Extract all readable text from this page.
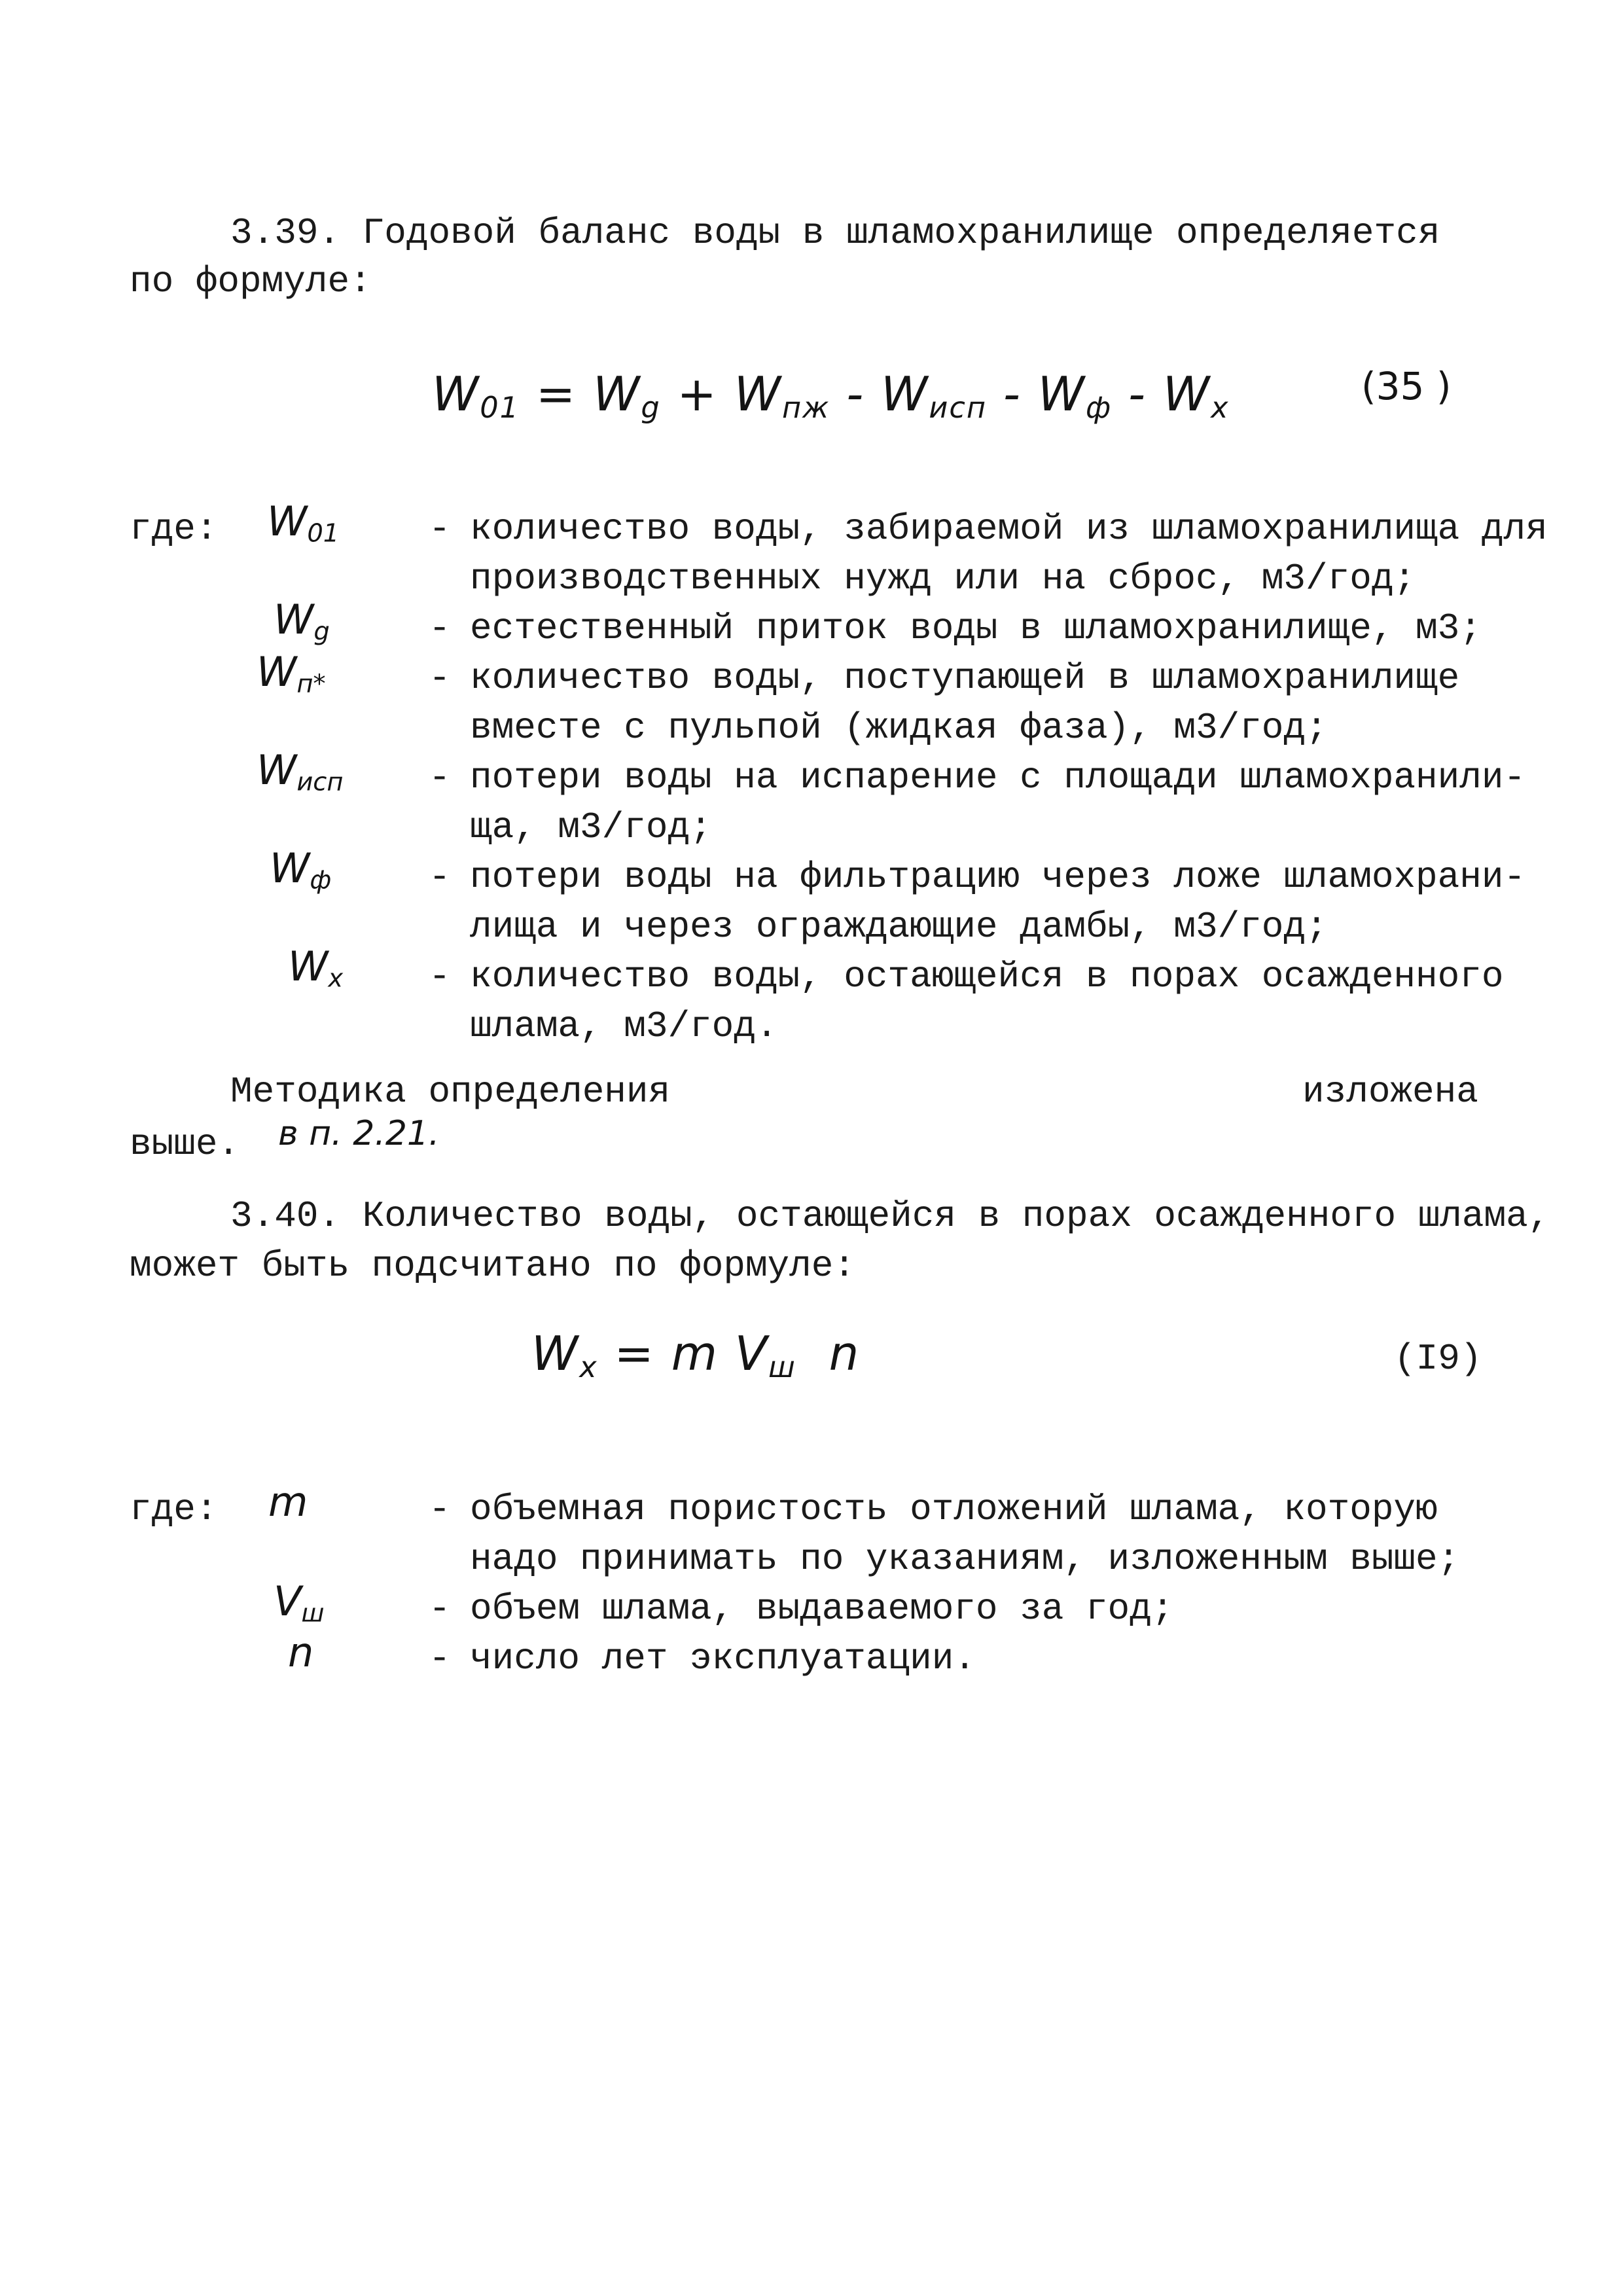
3.39. Годовой баланс воды в шламохранилище определяется
по формуле:
$W_{01} = W_g + W_{пж} - W_{исп} - W_ф - W_x$	(35 )
где: $W_{01}$ - количество воды, забираемой из шламохранилища для
производственных нужд или на сброс, м3/год;
$W_g$	- естественный приток воды в шламохранилище, м3;
$W_{п*}$	- количество воды, поступающей в шламохранилище
вместе с пульпой (жидкая фаза), м3/год;
$W_{исп}$ - потери воды на испарение с площади шламохранили-
ща, м3/год;
$W_ф$	- потери воды на фильтрацию через ложе шламохрани-
лища и через ограждающие дамбы, м3/год;
$W_x$ - количество воды, остающейся в порах осажденного
шлама, м3/год.
Методика определения	изложена
выше. в п. 2.21.
3.40. Количество воды, остающейся в порах осажденного шлама,
может быть подсчитано по формуле:
$W_x = m$ $V_ш$ n	(I9)
где: m	- объемная пористость отложений шлама, которую
надо принимать по указаниям, изложенным выше;
$V_ш$	- объем шлама, выдаваемого за год;
n	- число лет эксплуатации.
